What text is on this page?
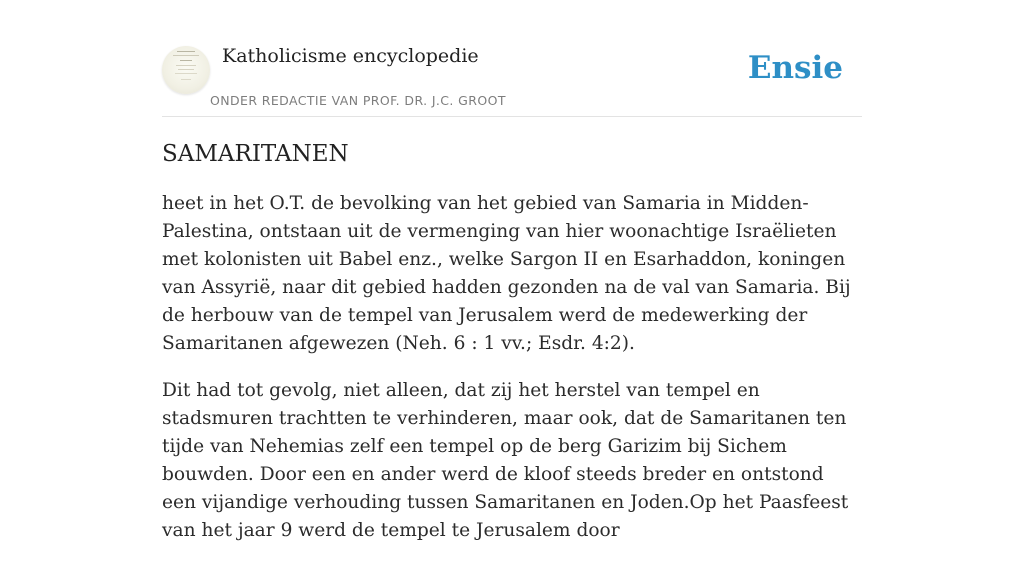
Katholicisme encyclopedie
ONDER REDACTIE VAN PROF. DR. J.C. GROOT
Ensie
SAMARITANEN

heet in het O.T. de bevolking van het gebied van Samaria in Midden-Palestina, ontstaan uit de vermenging van hier woonachtige Israëlieten met kolonisten uit Babel enz., welke Sargon II en Esarhaddon, koningen van Assyrië, naar dit gebied hadden gezonden na de val van Samaria. Bij de herbouw van de tempel van Jerusalem werd de medewerking der Samaritanen afgewezen (Neh. 6 : 1 vv.; Esdr. 4:2).

Dit had tot gevolg, niet alleen, dat zij het herstel van tempel en stadsmuren trachtten te verhinderen, maar ook, dat de Samaritanen ten tijde van Nehemias zelf een tempel op de berg Garizim bij Sichem bouwden. Door een en ander werd de kloof steeds breder en ontstond een vijandige verhouding tussen Samaritanen en Joden.Op het Paasfeest van het jaar 9 werd de tempel te Jerusalem door
